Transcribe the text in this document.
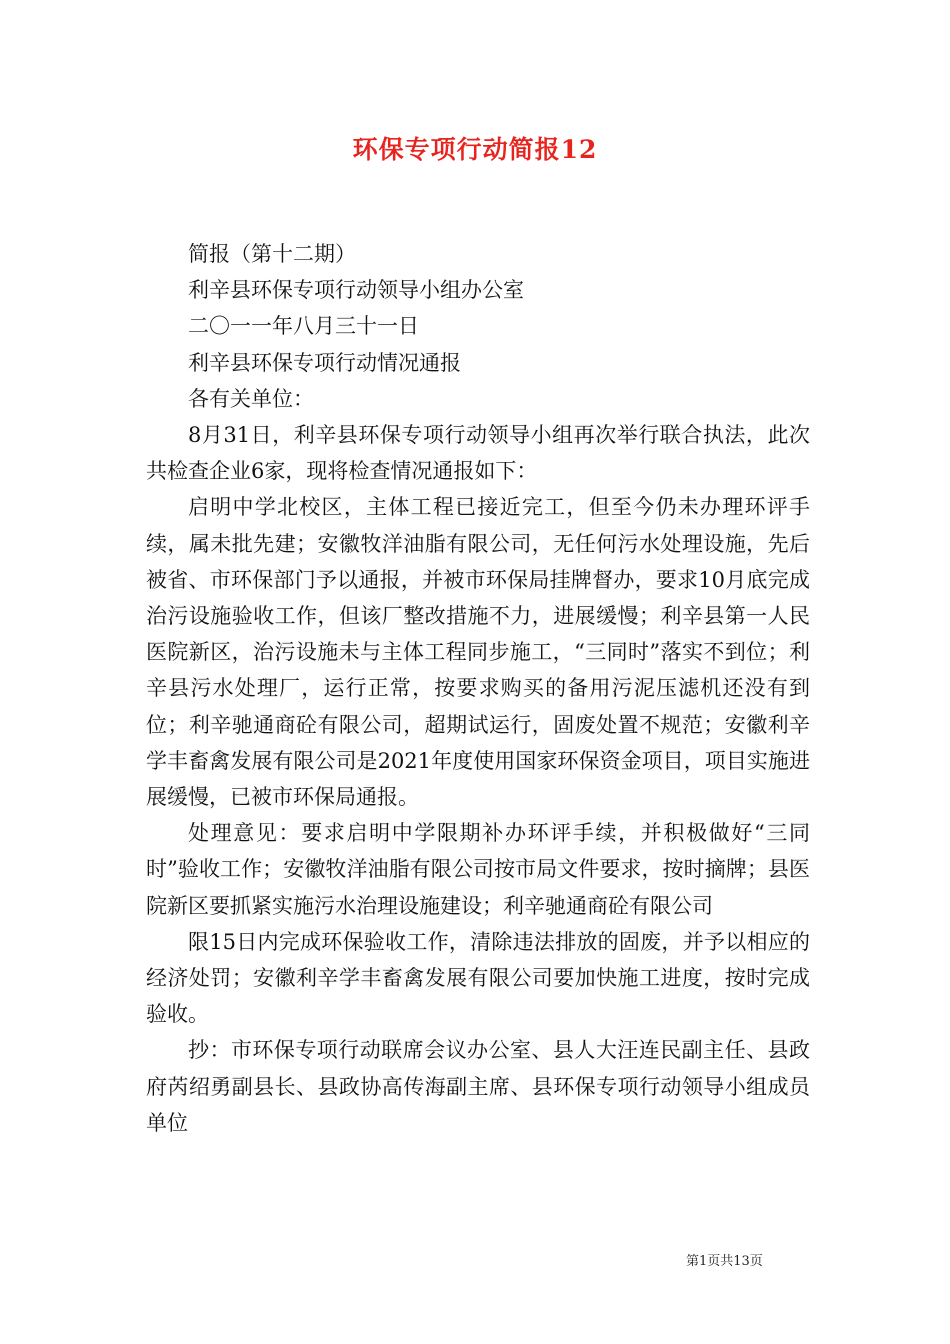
环保专项行动简报12

简报（第十二期）

利辛县环保专项行动领导小组办公室

二〇一一年八月三十一日

利辛县环保专项行动情况通报

各有关单位：

8月31日，利辛县环保专项行动领导小组再次举行联合执法，此次共检查企业6家，现将检查情况通报如下：

启明中学北校区，主体工程已接近完工，但至今仍未办理环评手续，属未批先建；安徽牧洋油脂有限公司，无任何污水处理设施，先后被省、市环保部门予以通报，并被市环保局挂牌督办，要求10月底完成治污设施验收工作，但该厂整改措施不力，进展缓慢；利辛县第一人民医院新区，治污设施未与主体工程同步施工，“三同时”落实不到位；利辛县污水处理厂，运行正常，按要求购买的备用污泥压滤机还没有到位；利辛驰通商砼有限公司，超期试运行，固废处置不规范；安徽利辛学丰畜禽发展有限公司是2021年度使用国家环保资金项目，项目实施进展缓慢，已被市环保局通报。

处理意见：要求启明中学限期补办环评手续，并积极做好“三同时”验收工作；安徽牧洋油脂有限公司按市局文件要求，按时摘牌；县医院新区要抓紧实施污水治理设施建设；利辛驰通商砼有限公司

限15日内完成环保验收工作，清除违法排放的固废，并予以相应的经济处罚；安徽利辛学丰畜禽发展有限公司要加快施工进度，按时完成验收。

抄：市环保专项行动联席会议办公室、县人大汪连民副主任、县政府芮绍勇副县长、县政协高传海副主席、县环保专项行动领导小组成员单位

第1页共13页
